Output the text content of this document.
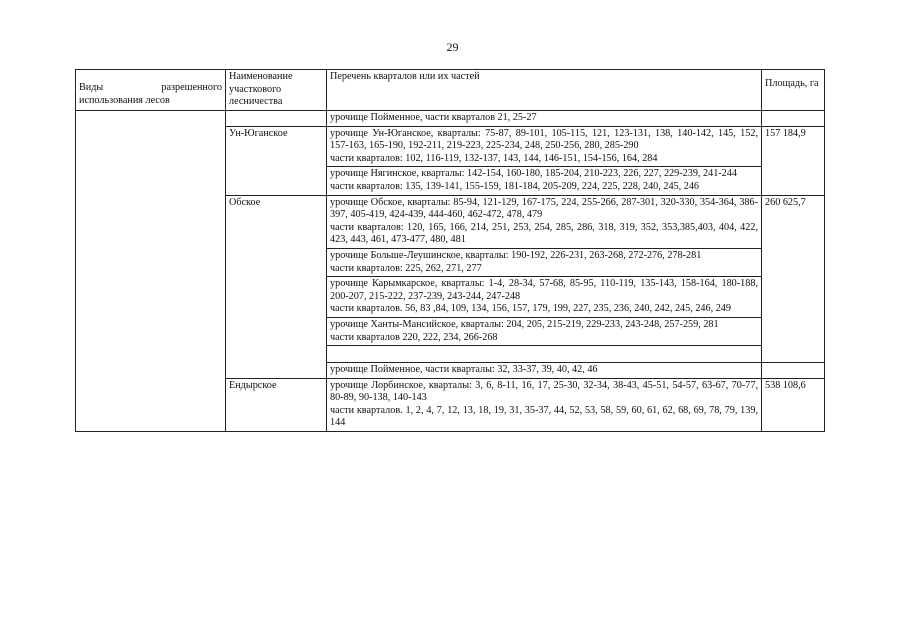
29
Виды разрешенного
использования лесов	Наименование участкового лесничества	Перечень кварталов или их частей	Площадь, га
		урочище Пойменное, части кварталов 21, 25-27	
	Ун-Юганское	урочище Ун-Юганское, кварталы: 75-87, 89-101, 105-115, 121, 123-131, 138, 140-142, 145, 152, 157-163, 165-190, 192-211, 219-223, 225-234, 248, 250-256, 280, 285-290
части кварталов: 102, 116-119, 132-137, 143, 144, 146-151, 154-156, 164, 284	157 184,9

		урочище Нягинское, кварталы: 142-154, 160-180, 185-204, 210-223, 226, 227, 229-239, 241-244
части кварталов: 135, 139-141, 155-159, 181-184, 205-209, 224, 225, 228, 240, 245, 246	

	Обское	урочище Обское, кварталы: 85-94, 121-129, 167-175, 224, 255-266, 287-301, 320-330, 354-364, 386-397, 405-419, 424-439, 444-460, 462-472, 478, 479
части кварталов: 120, 165, 166, 214, 251, 253, 254, 285, 286, 318, 319, 352, 353,385,403, 404, 422, 423, 443, 461, 473-477, 480, 481	260 625,7

		урочище Больше-Леушинское, кварталы: 190-192, 226-231, 263-268, 272-276, 278-281
части кварталов: 225, 262, 271, 277	

		урочище Карымкарское, кварталы: 1-4, 28-34, 57-68, 85-95, 110-119, 135-143, 158-164, 180-188, 200-207, 215-222, 237-239, 243-244, 247-248
части кварталов. 56, 83 ,84, 109, 134, 156, 157, 179, 199, 227, 235, 236, 240, 242, 245, 246, 249	

		урочище Ханты-Мансийское, кварталы: 204, 205, 215-219, 229-233, 243-248, 257-259, 281
части кварталов 220, 222, 234, 266-268	

		урочище Пойменное, части кварталы: 32, 33-37, 39, 40, 42, 46	
	Ендырское	урочище Лорбинское, кварталы: 3, 6, 8-11, 16, 17, 25-30, 32-34, 38-43, 45-51, 54-57, 63-67, 70-77, 80-89, 90-138, 140-143
части кварталов. 1, 2, 4, 7, 12, 13, 18, 19, 31, 35-37, 44, 52, 53, 58, 59, 60, 61, 62, 68, 69, 78, 79, 139, 144	538 108,6
